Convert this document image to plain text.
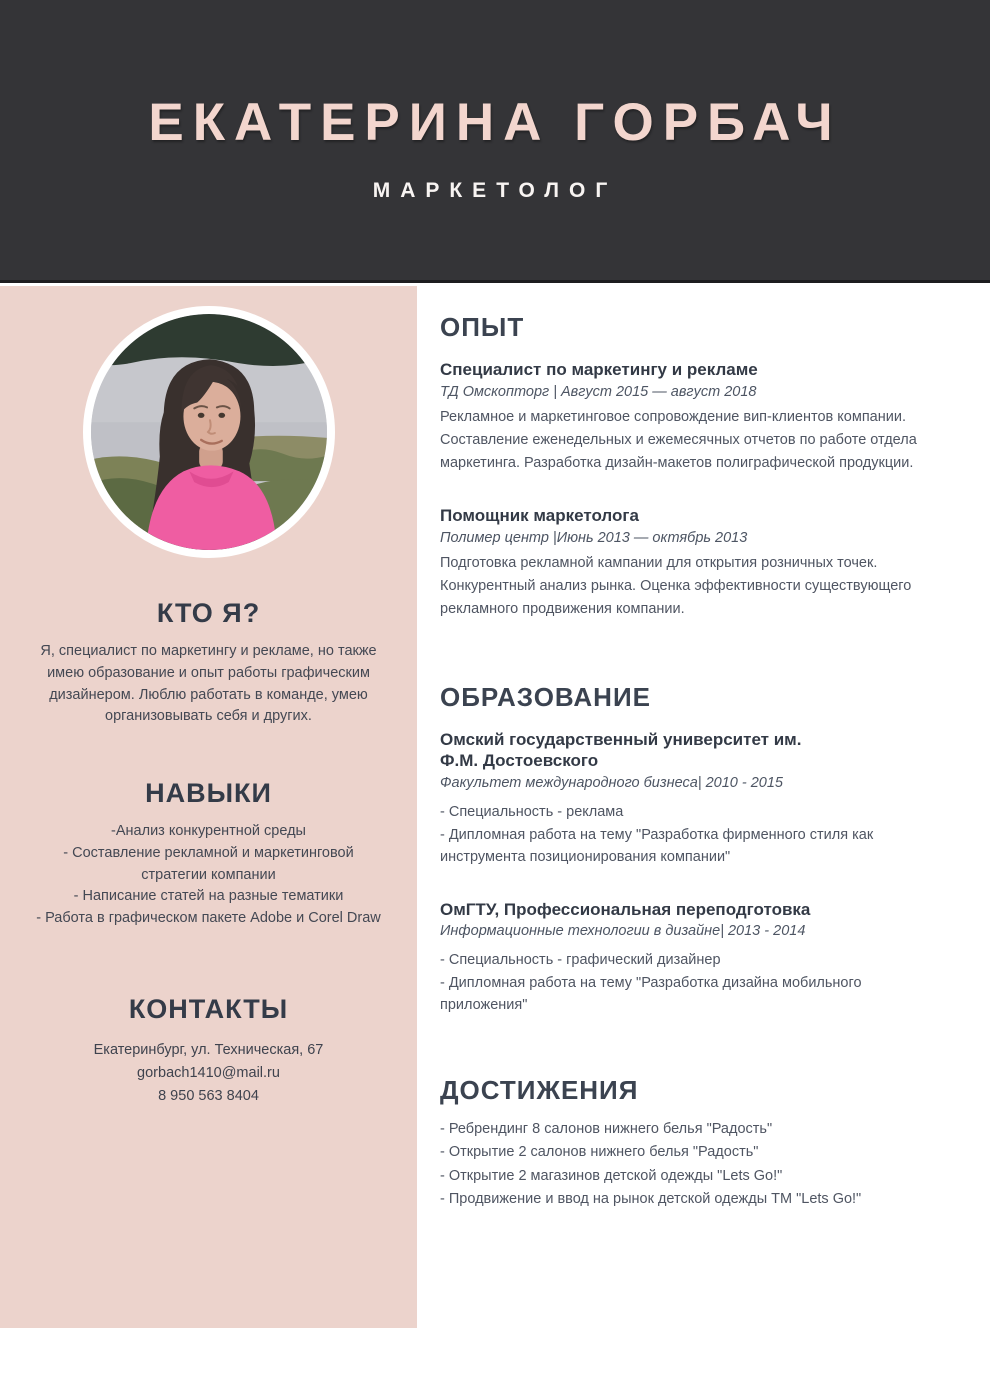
ЕКАТЕРИНА ГОРБАЧ
МАРКЕТОЛОГ
КТО Я?
Я, специалист по маркетингу и рекламе, но также имею образование и опыт работы графическим дизайнером. Люблю работать в команде, умею организовывать себя и других.
НАВЫКИ
-Анализ конкурентной среды
- Составление рекламной и маркетинговой стратегии компании
- Написание статей на разные тематики
- Работа в графическом пакете Adobe и Corel Draw
КОНТАКТЫ
Екатеринбург, ул. Техническая, 67
gorbach1410@mail.ru
8 950 563 8404
ОПЫТ
Специалист по маркетингу и рекламе
ТД Омскопторг | Август 2015 — август 2018
Рекламное и маркетинговое сопровождение вип-клиентов компании. Составление еженедельных и ежемесячных отчетов по работе отдела маркетинга. Разработка дизайн-макетов полиграфической продукции.
Помощник маркетолога
Полимер центр |Июнь 2013 — октябрь 2013
Подготовка рекламной кампании для открытия розничных точек. Конкурентный анализ рынка. Оценка эффективности существующего рекламного продвижения компании.
ОБРАЗОВАНИЕ
Омский государственный университет им. Ф.М. Достоевского
Факультет международного бизнеса| 2010 - 2015
- Специальность - реклама
- Дипломная работа на тему "Разработка фирменного стиля как инструмента позиционирования компании"
ОмГТУ, Профессиональная переподготовка
Информационные технологии в дизайне| 2013 - 2014
- Специальность - графический дизайнер
- Дипломная работа на тему "Разработка дизайна мобильного приложения"
ДОСТИЖЕНИЯ
- Ребрендинг 8 салонов нижнего белья "Радость"
- Открытие 2 салонов нижнего белья "Радость"
- Открытие 2 магазинов детской одежды "Lets Go!"
- Продвижение и ввод на рынок детской одежды ТМ "Lets Go!"
